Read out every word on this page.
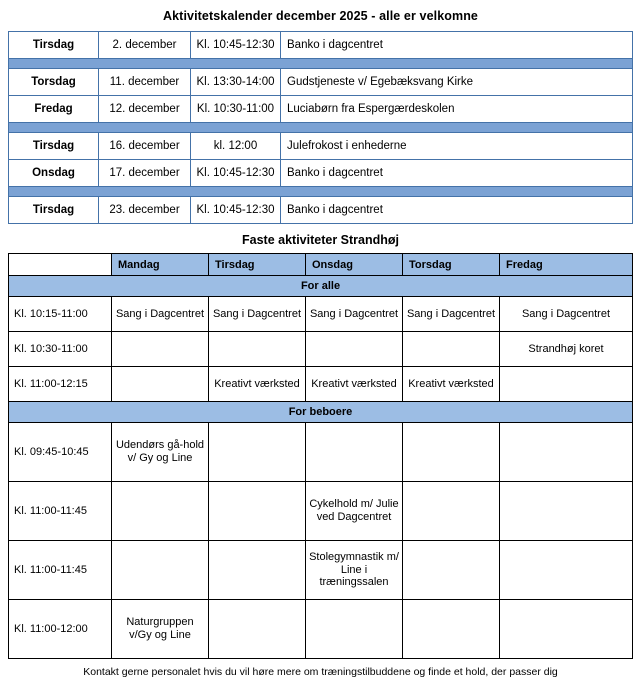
Aktivitetskalender december 2025 - alle er velkomne
Tirsdag	2. december	Kl. 10:45-12:30	Banko i dagcentret

Torsdag	11. december	Kl. 13:30-14:00	Gudstjeneste v/ Egebæksvang Kirke
Fredag	12. december	Kl. 10:30-11:00	Luciabørn fra Espergærdeskolen

Tirsdag	16. december	kl. 12:00	Julefrokost i enhederne
Onsdag	17. december	Kl. 10:45-12:30	Banko i dagcentret

Tirsdag	23. december	Kl. 10:45-12:30	Banko i dagcentret
Faste aktiviteter Strandhøj
	Mandag	Tirsdag	Onsdag	Torsdag	Fredag
For alle					
Kl. 10:15-11:00	Sang i Dagcentret	Sang i Dagcentret	Sang i Dagcentret	Sang i Dagcentret	Sang i Dagcentret
Kl. 10:30-11:00					Strandhøj koret
Kl. 11:00-12:15		Kreativt værksted	Kreativt værksted	Kreativt værksted	
For beboere					
Kl. 09:45-10:45	Udendørs gå-hold v/ Gy og Line				
Kl. 11:00-11:45			Cykelhold m/ Julie ved Dagcentret		
Kl. 11:00-11:45			Stolegymnastik m/ Line i træningssalen		
Kl. 11:00-12:00	Naturgruppen v/Gy og Line				
Kontakt gerne personalet hvis du vil høre mere om træningstilbuddene og finde et hold, der passer dig
